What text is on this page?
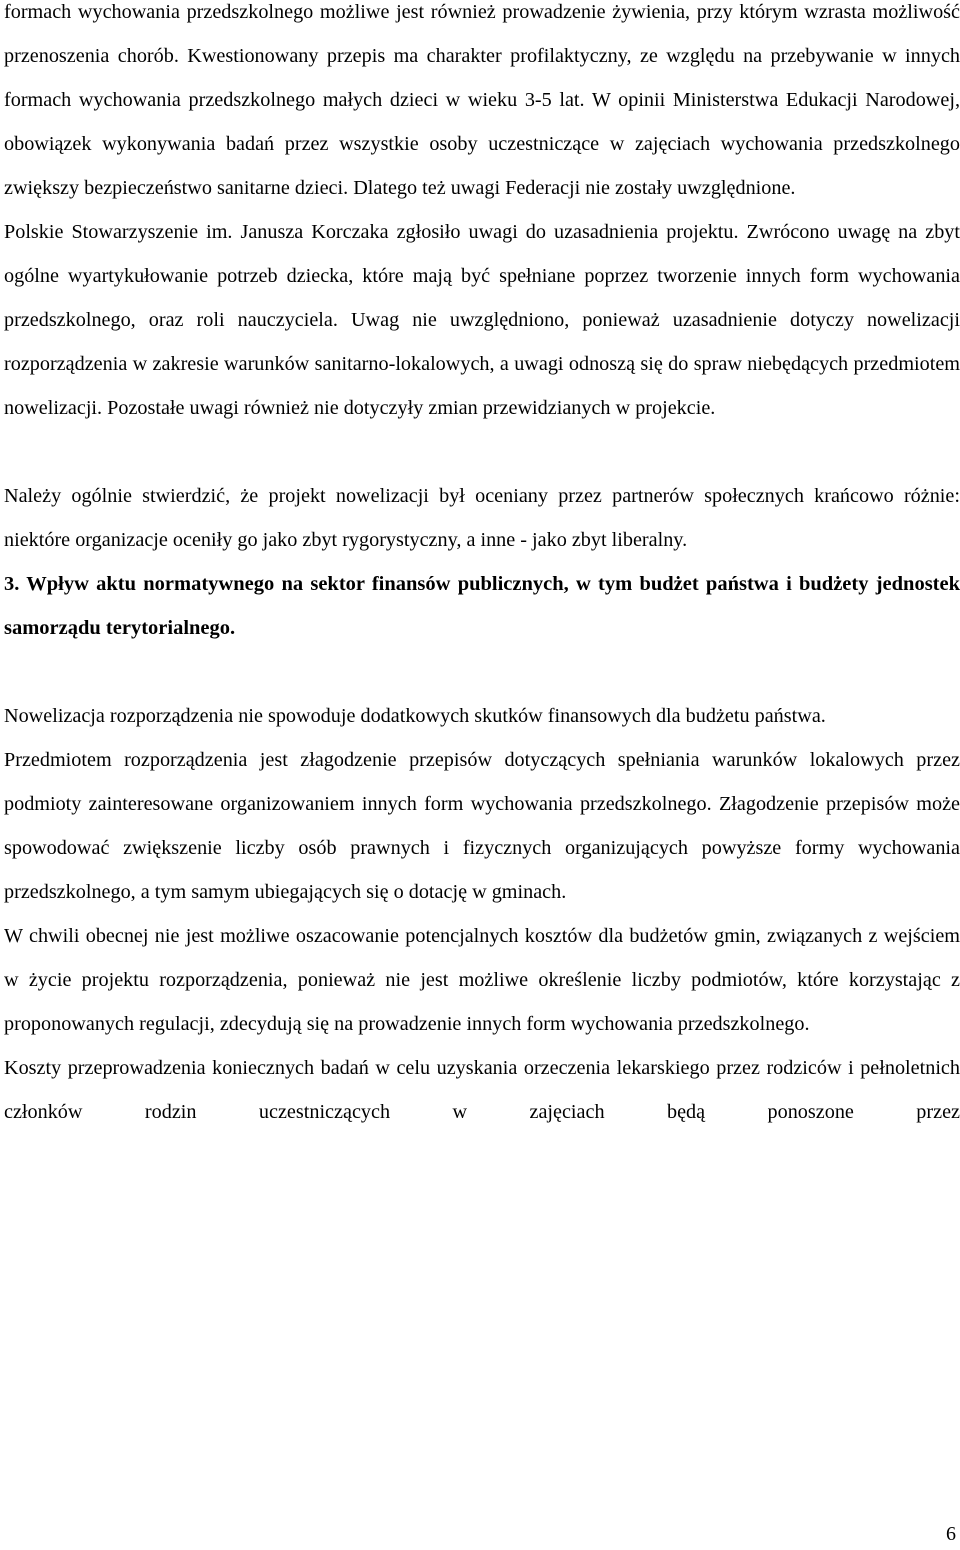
formach wychowania przedszkolnego możliwe jest również prowadzenie żywienia, przy którym wzrasta możliwość przenoszenia chorób. Kwestionowany przepis ma charakter profilaktyczny, ze względu na przebywanie w innych formach wychowania przedszkolnego małych dzieci w wieku 3-5 lat. W opinii Ministerstwa Edukacji Narodowej, obowiązek wykonywania badań przez wszystkie osoby uczestniczące w zajęciach wychowania przedszkolnego zwiększy bezpieczeństwo sanitarne dzieci. Dlatego też uwagi Federacji nie zostały uwzględnione.

Polskie Stowarzyszenie im. Janusza Korczaka zgłosiło uwagi do uzasadnienia projektu. Zwrócono uwagę na zbyt ogólne wyartykułowanie potrzeb dziecka, które mają być spełniane poprzez tworzenie innych form wychowania przedszkolnego, oraz roli nauczyciela. Uwag nie uwzględniono, ponieważ uzasadnienie dotyczy nowelizacji rozporządzenia w zakresie warunków sanitarno-lokalowych, a uwagi odnoszą się do spraw niebędących przedmiotem nowelizacji. Pozostałe uwagi również nie dotyczyły zmian przewidzianych w projekcie.

Należy ogólnie stwierdzić, że projekt nowelizacji był oceniany przez partnerów społecznych krańcowo różnie: niektóre organizacje oceniły go jako zbyt rygorystyczny, a inne - jako zbyt liberalny.

3. Wpływ aktu normatywnego na sektor finansów publicznych, w tym budżet państwa i budżety jednostek samorządu terytorialnego.

Nowelizacja rozporządzenia nie spowoduje dodatkowych skutków finansowych dla budżetu państwa.

Przedmiotem rozporządzenia jest złagodzenie przepisów dotyczących spełniania warunków lokalowych przez podmioty zainteresowane organizowaniem innych form wychowania przedszkolnego. Złagodzenie przepisów może spowodować zwiększenie liczby osób prawnych i fizycznych organizujących powyższe formy wychowania przedszkolnego, a tym samym ubiegających się o dotację w gminach.

W chwili obecnej nie jest możliwe oszacowanie potencjalnych kosztów dla budżetów gmin, związanych z wejściem w życie projektu rozporządzenia, ponieważ nie jest możliwe określenie liczby podmiotów, które korzystając z proponowanych regulacji, zdecydują się na prowadzenie innych form wychowania przedszkolnego.

Koszty przeprowadzenia koniecznych badań w celu uzyskania orzeczenia lekarskiego przez rodziców i pełnoletnich członków rodzin uczestniczących w zajęciach będą ponoszone przez

6
